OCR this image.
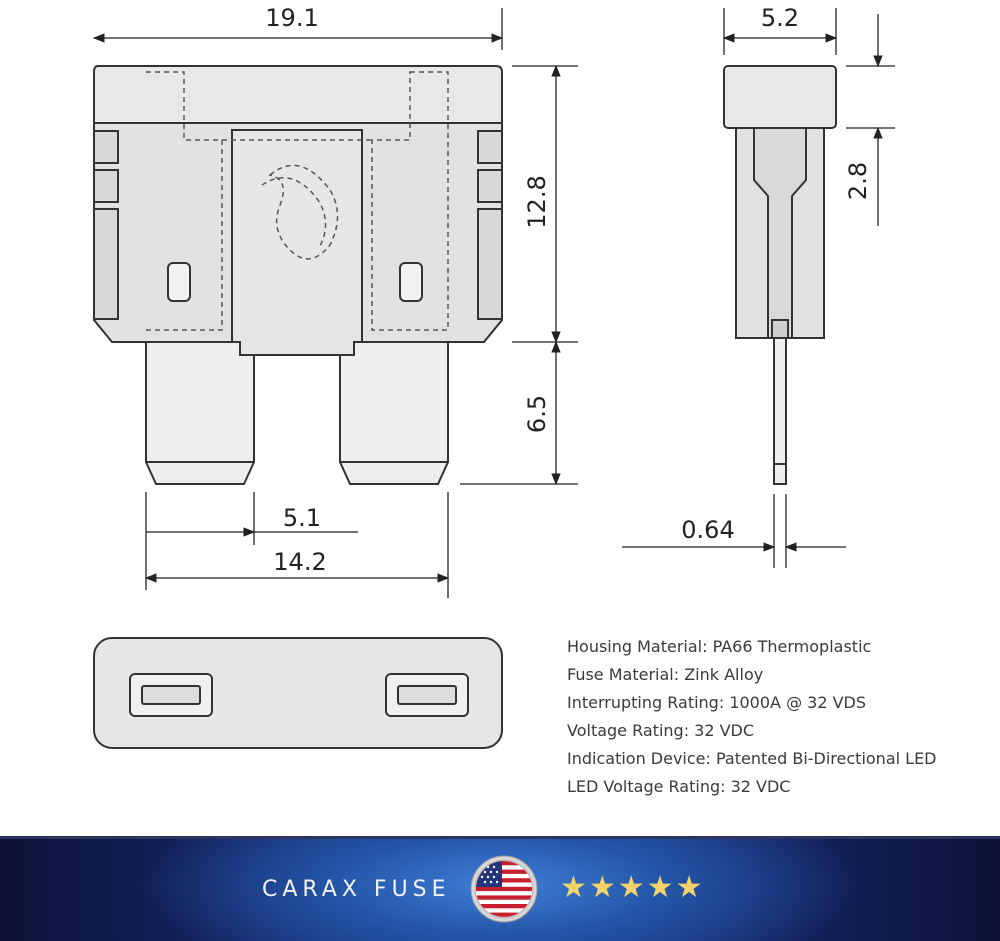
19.1	5.2
2.8
12.8
6.5
5.1
14.2
0.64
Housing Material: PA66 Thermoplastic
Fuse Material: Zink Alloy
Interrupting Rating: 1000A @ 32 VDS
Voltage Rating: 32 VDC
Indication Device: Patented Bi-Directional LED
LED Voltage Rating: 32 VDC
CARAX FUSE	★★★★★
